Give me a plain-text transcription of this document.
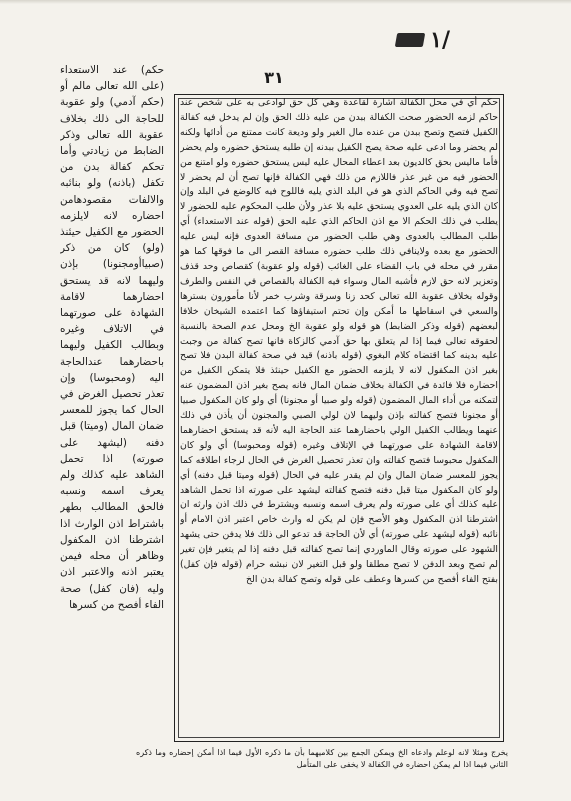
١/
٣١

حكم) عند الاستعداء (على الله تعالى مالم أو (حكم آدمي) ولو عقوبة للحاجة الى ذلك بخلاف عقوبة الله تعالى وذكر الضابط من زيادتي وأما تحكم كفالة بدن من تكفل (باذنه) ولو بنائبه والالفات مقصودهامن احضاره لانه لايلزمه الحضور مع الكفيل حيئنذ (ولو) كان من ذكر (صبياأومجنونا) بإذن وليهما لانه قد يستحق احضارهما لاقامة الشهادة على صورتهما في الاتلاف وغيره وبطالب الكفيل وليهما باحضارهما عندالحاجة اليه (ومحبوسا) وإن تعذر تحصيل الغرض في الحال كما يجوز للمعسر ضمان المال (وميتا) قبل دفنه (ليشهد على صورته) اذا تحمل الشاهد عليه كذلك ولم يعرف اسمه ونسبه فالحق المطالب بطهر باشتراط اذن الوارث اذا اشترطنا اذن المكفول وظاهر أن محله فيمن يعتبر اذنه والاعتبر اذن وليه (فان كفل) صحة الفاء أفصح من كسرها

حكم أي في محل الكفالة اشارة لقاعدة وهي كل حق لوادعى به على شخص عند حاكم لزمه الحضور صحت الكفالة ببدن من عليه ذلك الحق وإن لم يدخل فيه كفالة الكفيل فتصح وتصح ببدن من عنده مال الغير ولو وديعة كانت ممتنع من أدائها ولكنه لم يحضر وما ادعى عليه صحة يصح الكفيل ببدنه إن طلبه يستحق حضوره ولم يحضر فأما ماليس بحق كالديون بعد اعطاء المحال عليه ليس يستحق حضوره ولو امتنع من الحضور فيه من غير عذر فاللازم من ذلك فهي الكفالة فإنها تصح أن لم يحضر لا تصح فيه وفي الحاكم الذي هو في البلد الذي يليه فاللوح فيه كالوضع في البلد وإن كان الذي يليه على العدوي يستحق عليه بلا عذر ولأن طلب المحكوم عليه للحضور لا يطلب في ذلك الحكم الا مع اذن الحاكم الذي عليه الحق (قوله عند الاستعداء) أي طلب المطالب بالعدوى وهي طلب الحضور من مسافة العدوى فإنه ليس عليه الحضور مع بعده ولاينافي ذلك طلب حضوره مسافة القصر الى ما فوقها كما هو مقرر في محله في باب القضاء على الغائب (قوله ولو عقوبة) كقصاص وحد قذف وتعزير لانه حق لازم فأشبه المال وسواء فيه الكفالة بالقصاص في النفس والطرف وقوله بخلاف عقوبة الله تعالى كحد زنا وسرقة وشرب خمر لأنا مأمورون بسترها والسعي في اسقاطها ما أمكن وإن تحتم استيفاؤها كما اعتمده الشيخان خلافا لبعضهم (قوله وذكر الضابط) هو قوله ولو عقوبة الخ ومحل عدم الصحة بالنسبة لحقوقه تعالى فيما إذا لم يتعلق بها حق آدمي كالزكاة فانها تصح كفالة من وجبت عليه بدينه كما اقتضاه كلام البغوي (قوله باذنه) قيد في صحة كفالة البدن فلا تصح بغير اذن المكفول لانه لا يلزمه الحضور مع الكفيل حينئذ فلا يتمكن الكفيل من احضاره فلا فائدة في الكفالة بخلاف ضمان المال فانه يصح بغير اذن المضمون عنه لتمكنه من أداء المال المضمون (قوله ولو صبيا أو مجنونا) أي ولو كان المكفول صبيا أو مجنونا فتصح كفالته بإذن وليهما لان لولي الصبي والمجنون أن يأذن في ذلك عنهما ويطالب الكفيل الولي باحضارهما عند الحاجة اليه لأنه قد يستحق احضارهما لاقامة الشهادة على صورتهما في الإتلاف وغيره (قوله ومحبوسا) أي ولو كان المكفول محبوسا فتصح كفالته وان تعذر تحصيل الغرض في الحال لرجاء اطلاقه كما يجوز للمعسر ضمان المال وان لم يقدر عليه في الحال (قوله وميتا قبل دفنه) أي ولو كان المكفول ميتا قبل دفنه فتصح كفالته ليشهد على صورته اذا تحمل الشاهد عليه كذلك أي على صورته ولم يعرف اسمه ونسبه ويشترط في ذلك اذن وارثه ان اشترطنا اذن المكفول وهو الأصح فإن لم يكن له وارث خاص اعتبر اذن الامام أو نائبه (قوله ليشهد على صورته) أي لأن الحاجة قد تدعو الى ذلك فلا يدفن حتى يشهد الشهود على صورته وقال الماوردي إنما تصح كفالته قبل دفنه إذا لم يتغير فإن تغير لم تصح وبعد الدفن لا تصح مطلقا ولو قبل التغير لان نبشه حرام (قوله فإن كفل) بفتح الفاء أفصح من كسرها وعطف على قوله وتصح كفالة بدن الخ

يخرج ومثلا لانه لوعلم وادعاه الخ ويمكن الجمع بين كلاميهما بأن ما ذكره الأول فيما اذا أمكن إحضاره وما ذكره الثاني فيما اذا لم يمكن احضاره في الكفالة لا يخفى على المتأمل
